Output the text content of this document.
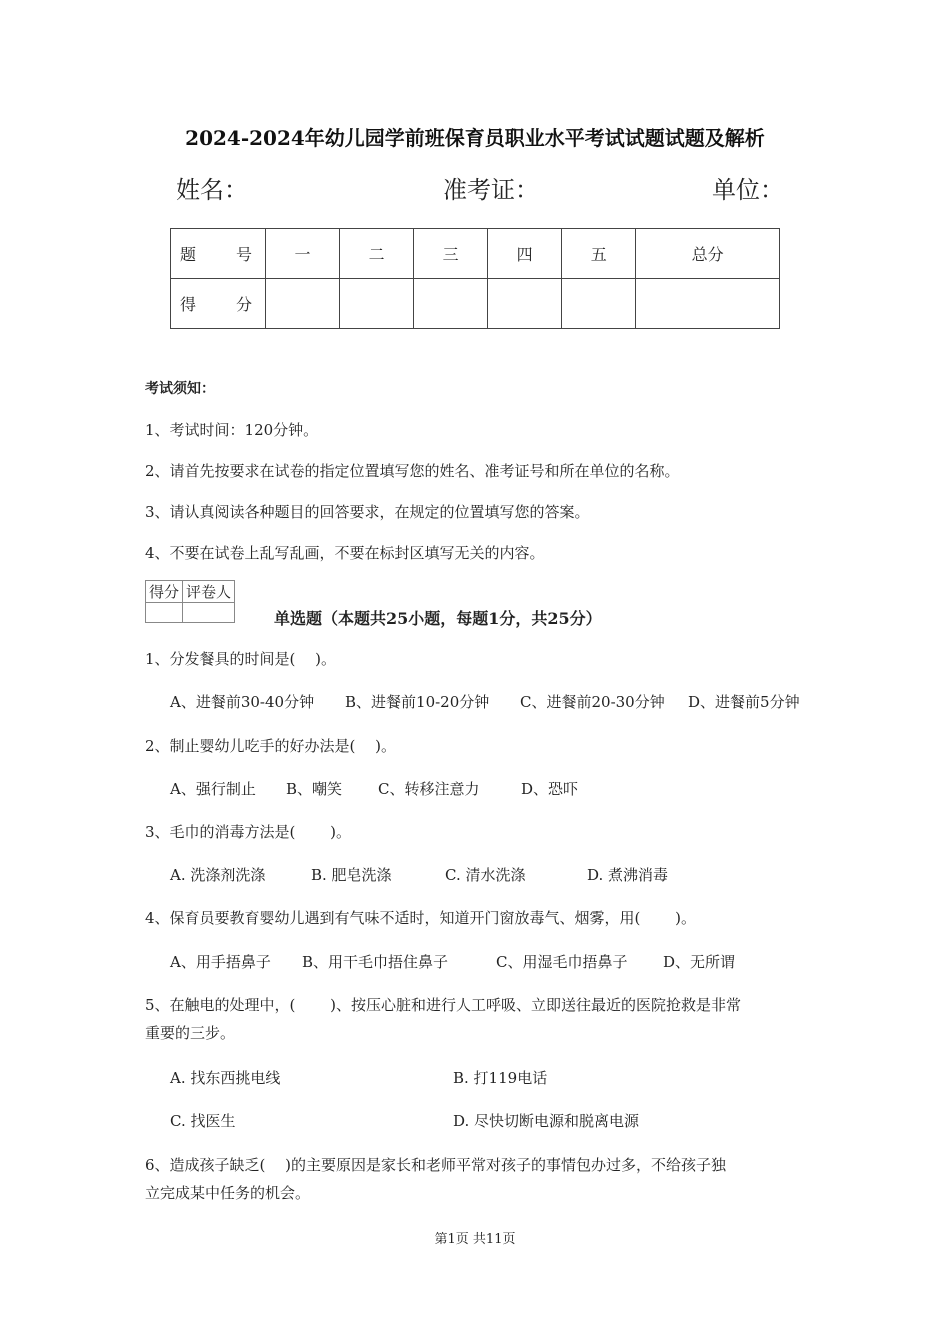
2024-2024年幼儿园学前班保育员职业水平考试试题试题及解析
姓名：	准考证：	单位：
题　号	一	二	三	四	五	总分
得　分						
考试须知：
1、考试时间：120分钟。
2、请首先按要求在试卷的指定位置填写您的姓名、准考证号和所在单位的名称。
3、请认真阅读各种题目的回答要求，在规定的位置填写您的答案。
4、不要在试卷上乱写乱画，不要在标封区填写无关的内容。
得分	评卷人

单选题（本题共25小题，每题1分，共25分）
1、分发餐具的时间是(　 )。
A、进餐前30-40分钟 B、进餐前10-20分钟 C、进餐前20-30分钟 D、进餐前5分钟
2、制止婴幼儿吃手的好办法是(　 )。
A、强行制止 B、嘲笑 C、转移注意力	D、恐吓
3、毛巾的消毒方法是(　 　)。
A. 洗涤剂洗涤	B. 肥皂洗涤	C. 清水洗涤	D. 煮沸消毒
4、保育员要教育婴幼儿遇到有气味不适时，知道开门窗放毒气、烟雾，用(　 　)。
A、用手捂鼻子 B、用干毛巾捂住鼻子	C、用湿毛巾捂鼻子 D、无所谓
5、在触电的处理中，(　 　)、按压心脏和进行人工呼吸、立即送往最近的医院抢救是非常
重要的三步。
A. 找东西挑电线	B. 打119电话
C. 找医生	D. 尽快切断电源和脱离电源
6、造成孩子缺乏(　 )的主要原因是家长和老师平常对孩子的事情包办过多，不给孩子独
立完成某中任务的机会。
第1页 共11页
